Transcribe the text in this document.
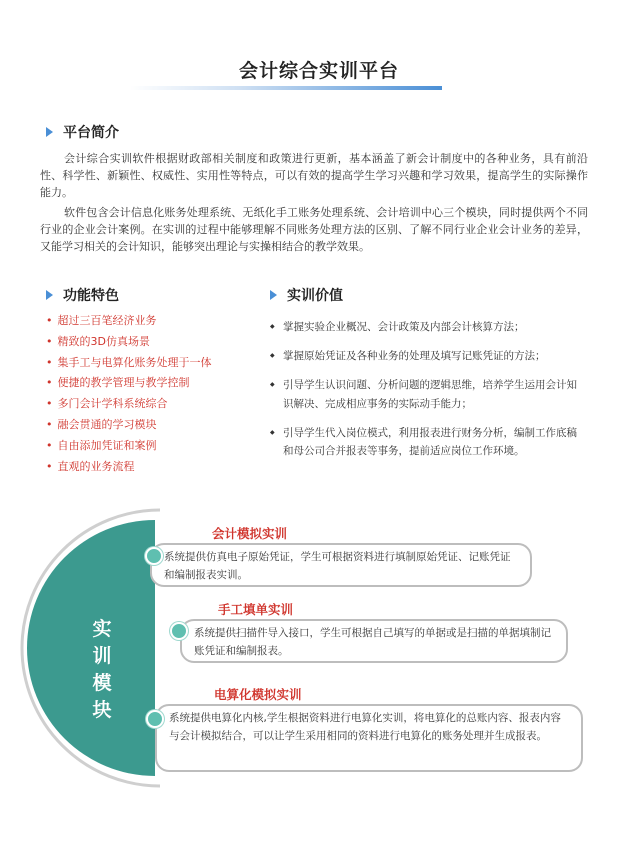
会计综合实训平台
平台简介

会计综合实训软件根据财政部相关制度和政策进行更新，基本涵盖了新会计制度中的各种业务，具有前沿性、科学性、新颖性、权威性、实用性等特点，可以有效的提高学生学习兴趣和学习效果，提高学生的实际操作能力。

软件包含会计信息化账务处理系统、无纸化手工账务处理系统、会计培训中心三个模块，同时提供两个不同行业的企业会计案例。在实训的过程中能够理解不同账务处理方法的区别、了解不同行业企业会计业务的差异，又能学习相关的会计知识，能够突出理论与实操相结合的教学效果。

功能特色
• 超过三百笔经济业务
• 精致的3D仿真场景
• 集手工与电算化账务处理于一体
• 便捷的教学管理与教学控制
• 多门会计学科系统综合
• 融会贯通的学习模块
• 自由添加凭证和案例
• 直观的业务流程
实训价值
◆ 掌握实验企业概况、会计政策及内部会计核算方法；
◆ 掌握原始凭证及各种业务的处理及填写记账凭证的方法；
◆ 引导学生认识问题、分析问题的逻辑思维，培养学生运用会计知识解决、完成相应事务的实际动手能力；
◆ 引导学生代入岗位模式，利用报表进行财务分析，编制工作底稿和母公司合并报表等事务，提前适应岗位工作环境。
实
训
模
块
会计模拟实训
系统提供仿真电子原始凭证，学生可根据资料进行填制原始凭证、记账凭证和编制报表实训。
手工填单实训
系统提供扫描件导入接口，学生可根据自己填写的单据或是扫描的单据填制记账凭证和编制报表。
电算化模拟实训
系统提供电算化内核,学生根据资料进行电算化实训，将电算化的总账内容、报表内容与会计模拟结合，可以让学生采用相同的资料进行电算化的账务处理并生成报表。
